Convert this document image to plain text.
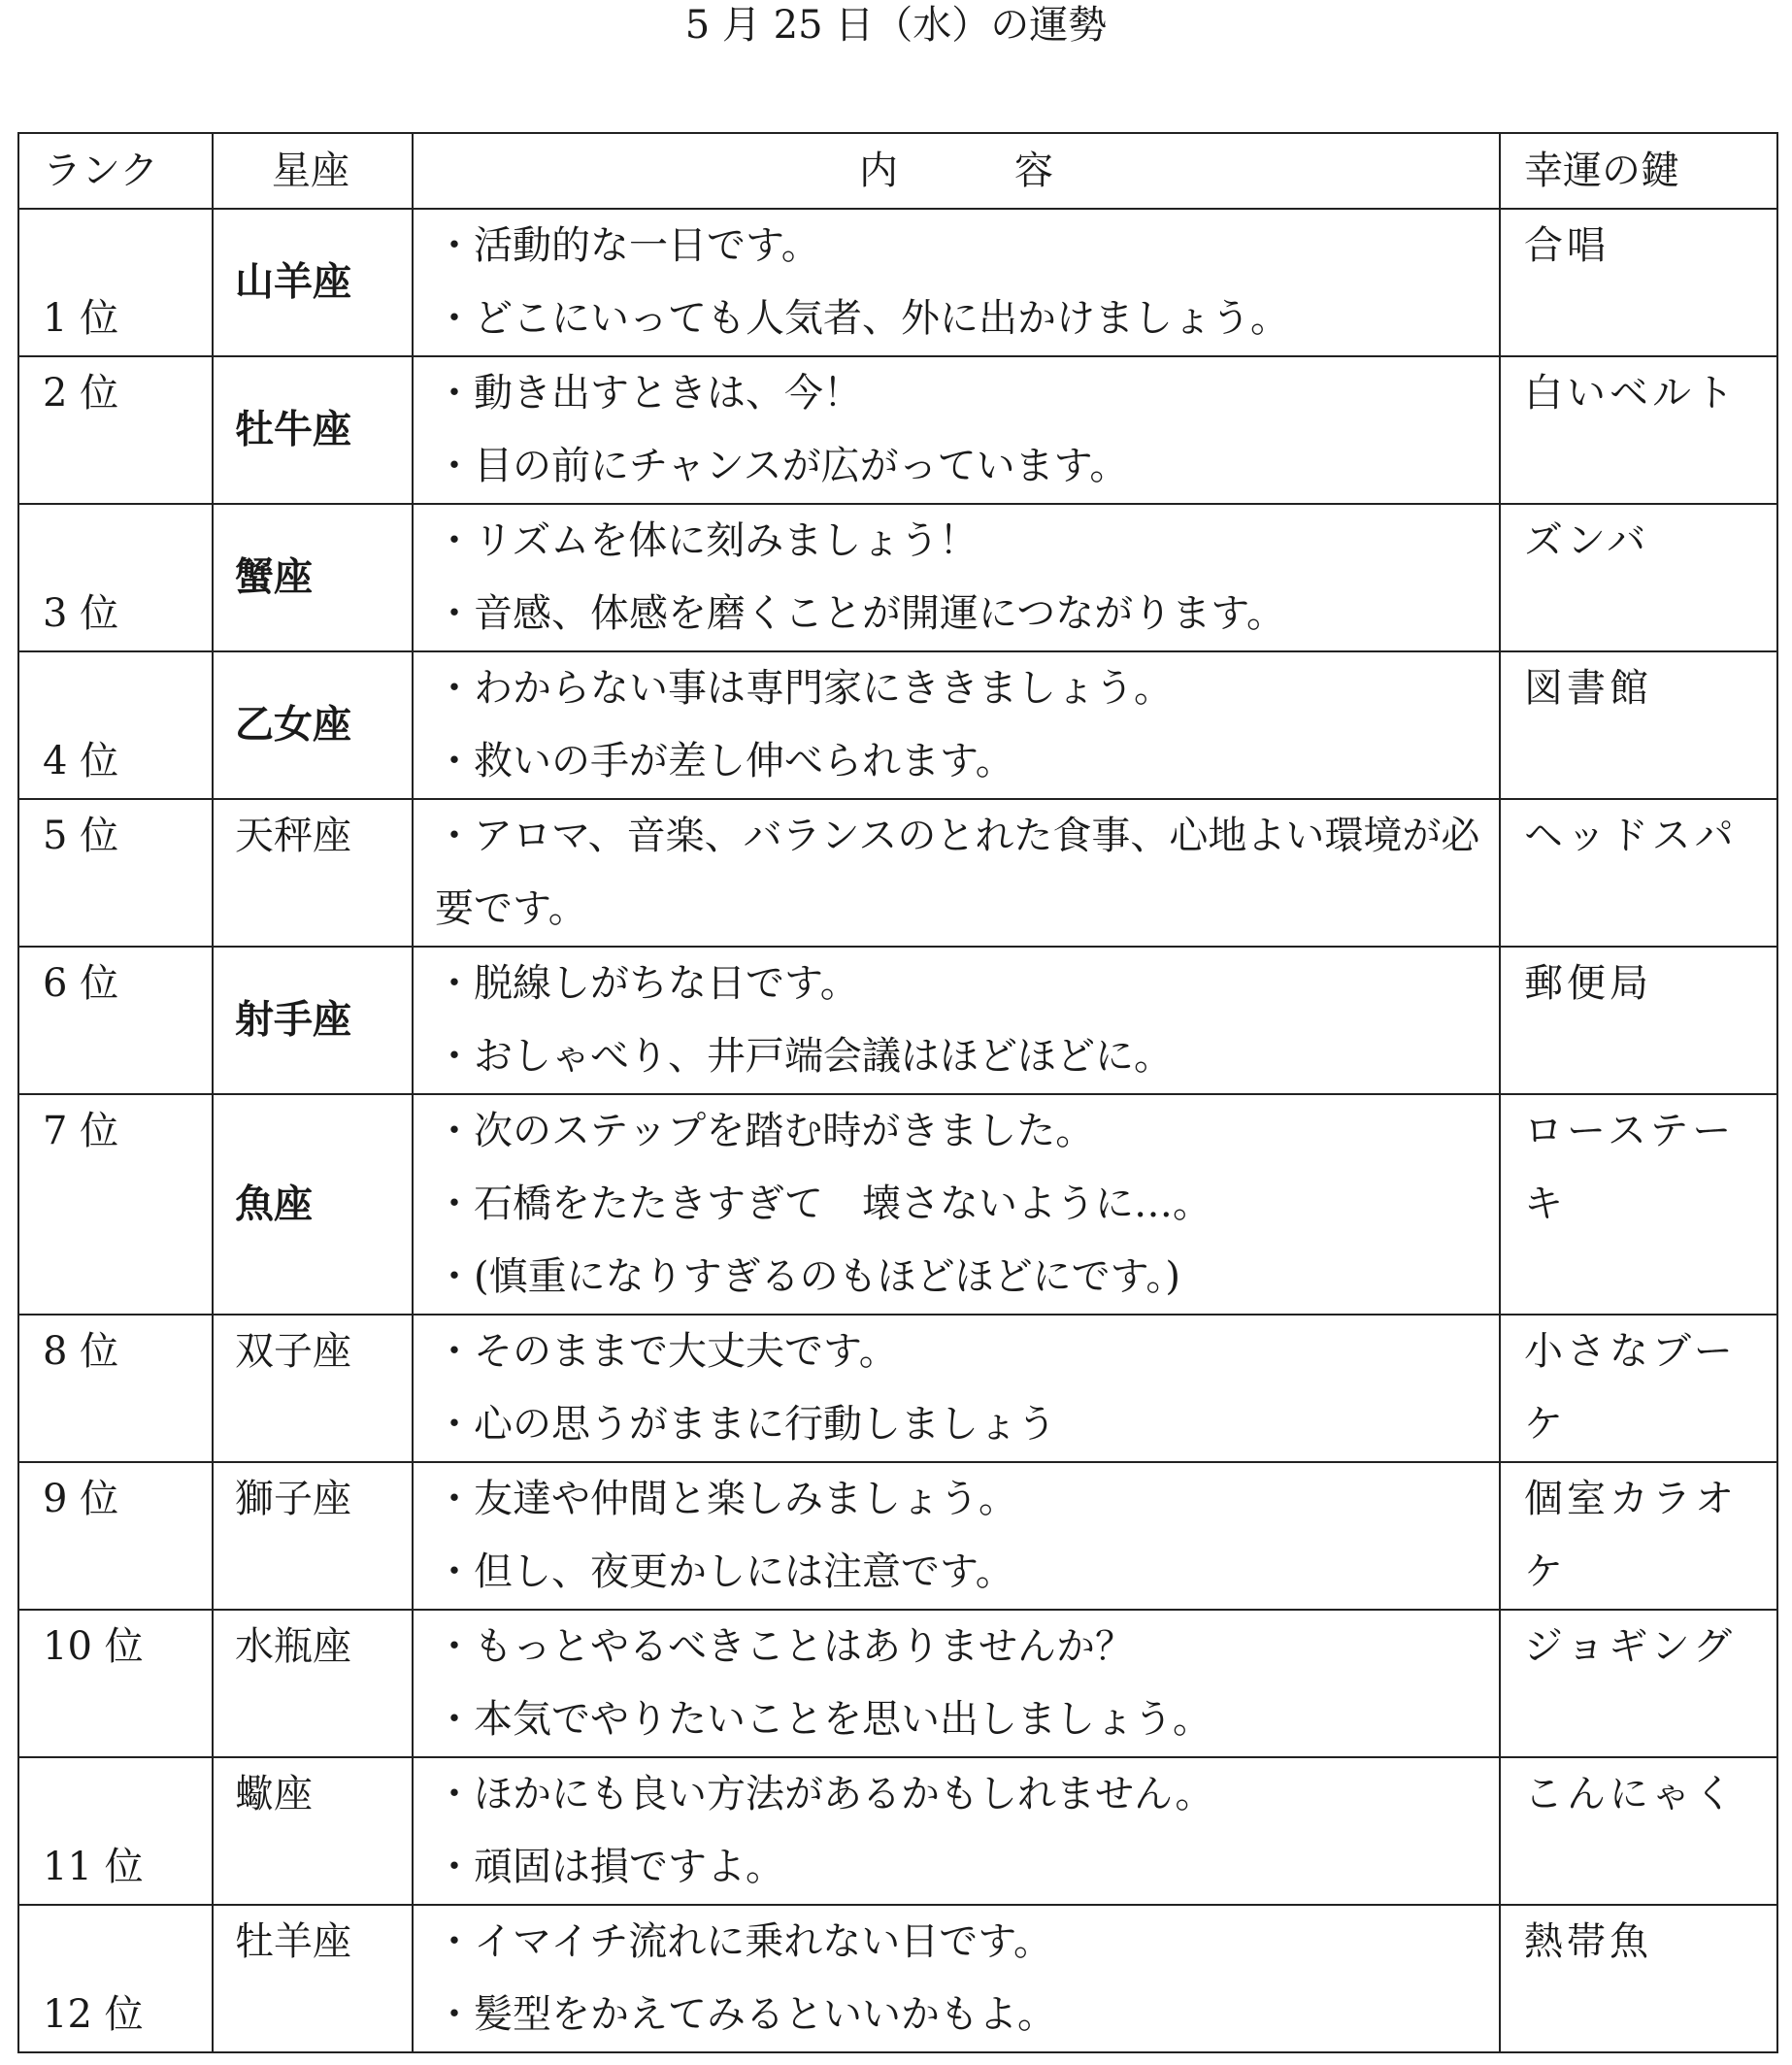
5 月 25 日（水）の運勢
ランク	星座	内　　　容	幸運の鍵

1 位	山羊座	・活動的な一日です。
・どこにいっても人気者、外に出かけましょう。	合唱

2 位	牡牛座	・動き出すときは、今！
・目の前にチャンスが広がっています。	白いベルト

3 位	蟹座	・リズムを体に刻みましょう！
・音感、体感を磨くことが開運につながります。	ズンバ

4 位	乙女座	・わからない事は専門家にききましょう。
・救いの手が差し伸べられます。	図書館

5 位	天秤座	・アロマ、音楽、バランスのとれた食事、心地よい環境が必要です。	ヘッドスパ

6 位	射手座	・脱線しがちな日です。
・おしゃべり、井戸端会議はほどほどに。	郵便局

7 位	魚座	・次のステップを踏む時がきました。
・石橋をたたきすぎて　壊さないように…。
・(慎重になりすぎるのもほどほどにです。)	ローステーキ

8 位	双子座	・そのままで大丈夫です。
・心の思うがままに行動しましょう	小さなブーケ

9 位	獅子座	・友達や仲間と楽しみましょう。
・但し、夜更かしには注意です。	個室カラオケ

10 位	水瓶座	・もっとやるべきことはありませんか？
・本気でやりたいことを思い出しましょう。	ジョギング

11 位	蠍座	・ほかにも良い方法があるかもしれません。
・頑固は損ですよ。	こんにゃく

12 位	牡羊座	・イマイチ流れに乗れない日です。
・髪型をかえてみるといいかもよ。	熱帯魚
